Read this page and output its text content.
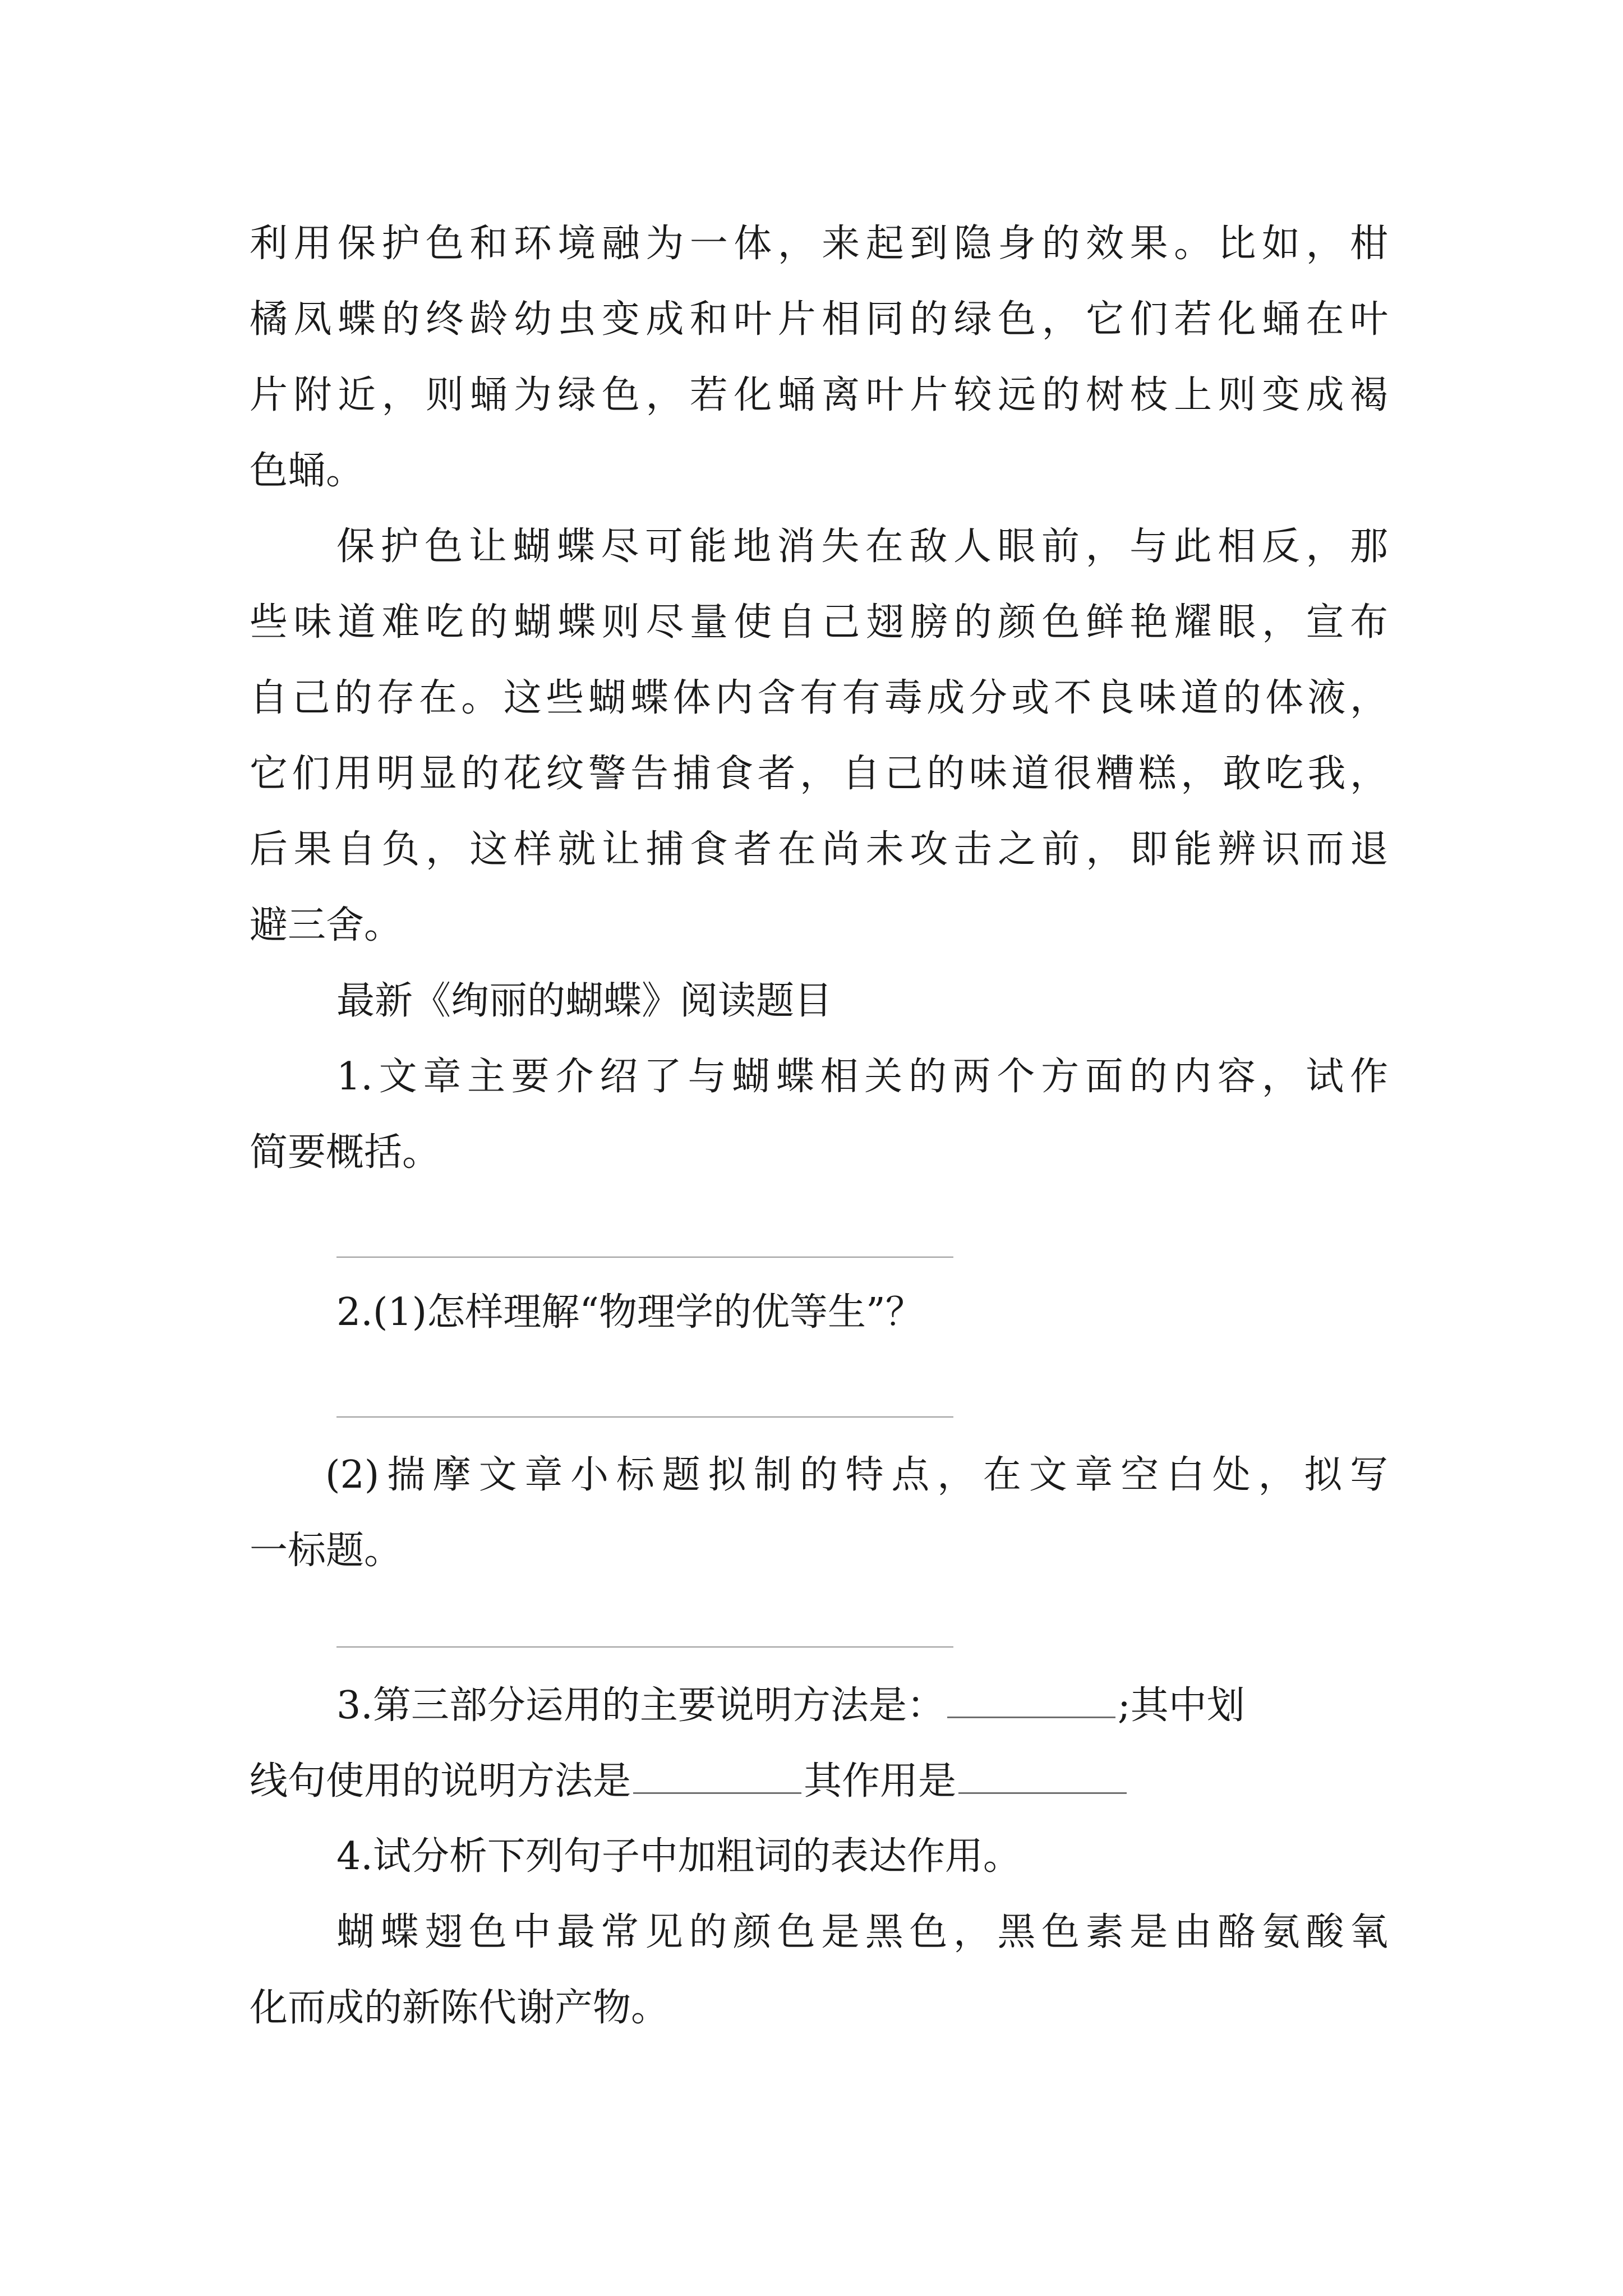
利用保护色和环境融为一体，来起到隐身的效果。比如，柑
橘凤蝶的终龄幼虫变成和叶片相同的绿色，它们若化蛹在叶
片附近，则蛹为绿色，若化蛹离叶片较远的树枝上则变成褐
色蛹。
保护色让蝴蝶尽可能地消失在敌人眼前，与此相反，那
些味道难吃的蝴蝶则尽量使自己翅膀的颜色鲜艳耀眼，宣布
自己的存在。这些蝴蝶体内含有有毒成分或不良味道的体液，
它们用明显的花纹警告捕食者，自己的味道很糟糕，敢吃我，
后果自负，这样就让捕食者在尚未攻击之前，即能辨识而退
避三舍。
最新《绚丽的蝴蝶》阅读题目
1.文章主要介绍了与蝴蝶相关的两个方面的内容，试作
简要概括。
2.(1)怎样理解“物理学的优等生”？
(2)揣摩文章小标题拟制的特点，在文章空白处，拟写
一标题。
3.第三部分运用的主要说明方法是：	;其中划
线句使用的说明方法是	其作用是
4.试分析下列句子中加粗词的表达作用。
蝴蝶翅色中最常见的颜色是黑色，黑色素是由酪氨酸氧
化而成的新陈代谢产物。
